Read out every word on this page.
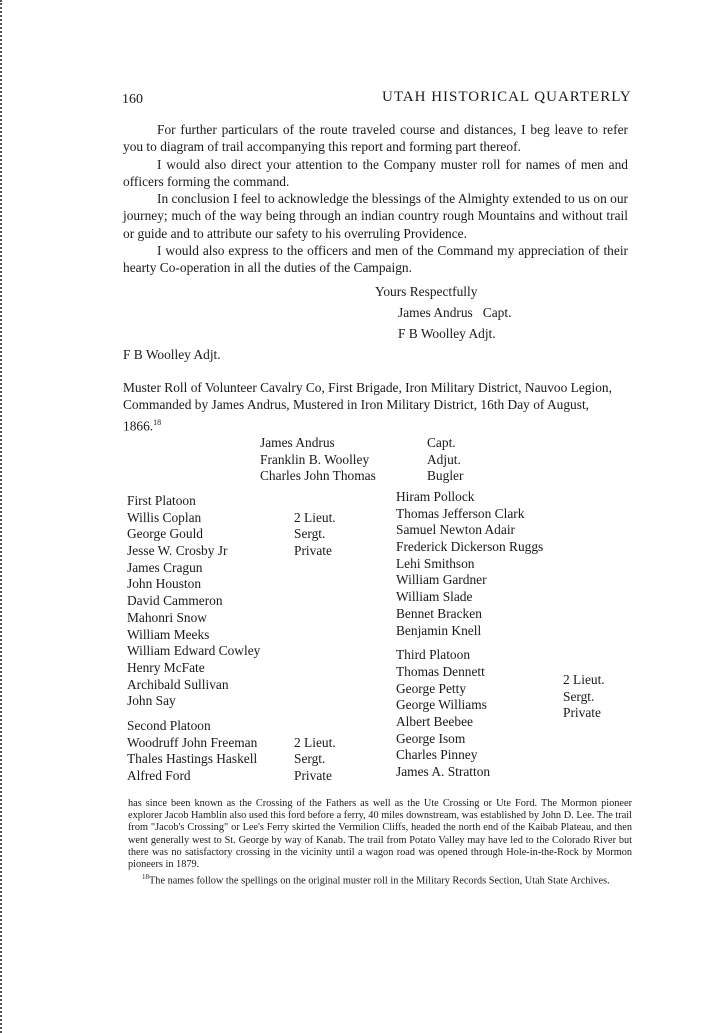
160	UTAH HISTORICAL QUARTERLY

For further particulars of the route traveled course and distances, I beg leave to refer you to diagram of trail accompanying this report and forming part thereof.

I would also direct your attention to the Company muster roll for names of men and officers forming the command.

In conclusion I feel to acknowledge the blessings of the Almighty extended to us on our journey; much of the way being through an indian country rough Mountains and without trail or guide and to attribute our safety to his overruling Providence.

I would also express to the officers and men of the Command my appreciation of their hearty Co-operation in all the duties of the Campaign.

Yours Respectfully
James Andrus   Capt.
F B Woolley Adjt.
F B Woolley Adjt.
Muster Roll of Volunteer Cavalry Co, First Brigade, Iron Military District, Nauvoo Legion, Commanded by James Andrus, Mustered in Iron Military District, 16th Day of August, 1866.18
James Andrus
Franklin B. Woolley
Charles John Thomas
Capt.
Adjut.
Bugler
First Platoon
Willis Coplan
George Gould
Jesse W. Crosby Jr
James Cragun
John Houston
David Cammeron
Mahonri Snow
William Meeks
William Edward Cowley
Henry McFate
Archibald Sullivan
John Say
Second Platoon
Woodruff John Freeman
Thales Hastings Haskell
Alfred Ford
2 Lieut.
Sergt.
Private
2 Lieut.
Sergt.
Private
Hiram Pollock
Thomas Jefferson Clark
Samuel Newton Adair
Frederick Dickerson Ruggs
Lehi Smithson
William Gardner
William Slade
Bennet Bracken
Benjamin Knell
Third Platoon
Thomas Dennett
George Petty
George Williams
Albert Beebee
George Isom
Charles Pinney
James A. Stratton
2 Lieut.
Sergt.
Private

has since been known as the Crossing of the Fathers as well as the Ute Crossing or Ute Ford. The Mormon pioneer explorer Jacob Hamblin also used this ford before a ferry, 40 miles downstream, was established by John D. Lee. The trail from "Jacob's Crossing" or Lee's Ferry skirted the Vermilion Cliffs, headed the north end of the Kaibab Plateau, and then went generally west to St. George by way of Kanab. The trail from Potato Valley may have led to the Colorado River but there was no satisfactory crossing in the vicinity until a wagon road was opened through Hole-in-the-Rock by Mormon pioneers in 1879.

$^{18}$The names follow the spellings on the original muster roll in the Military Records Section, Utah State Archives.
